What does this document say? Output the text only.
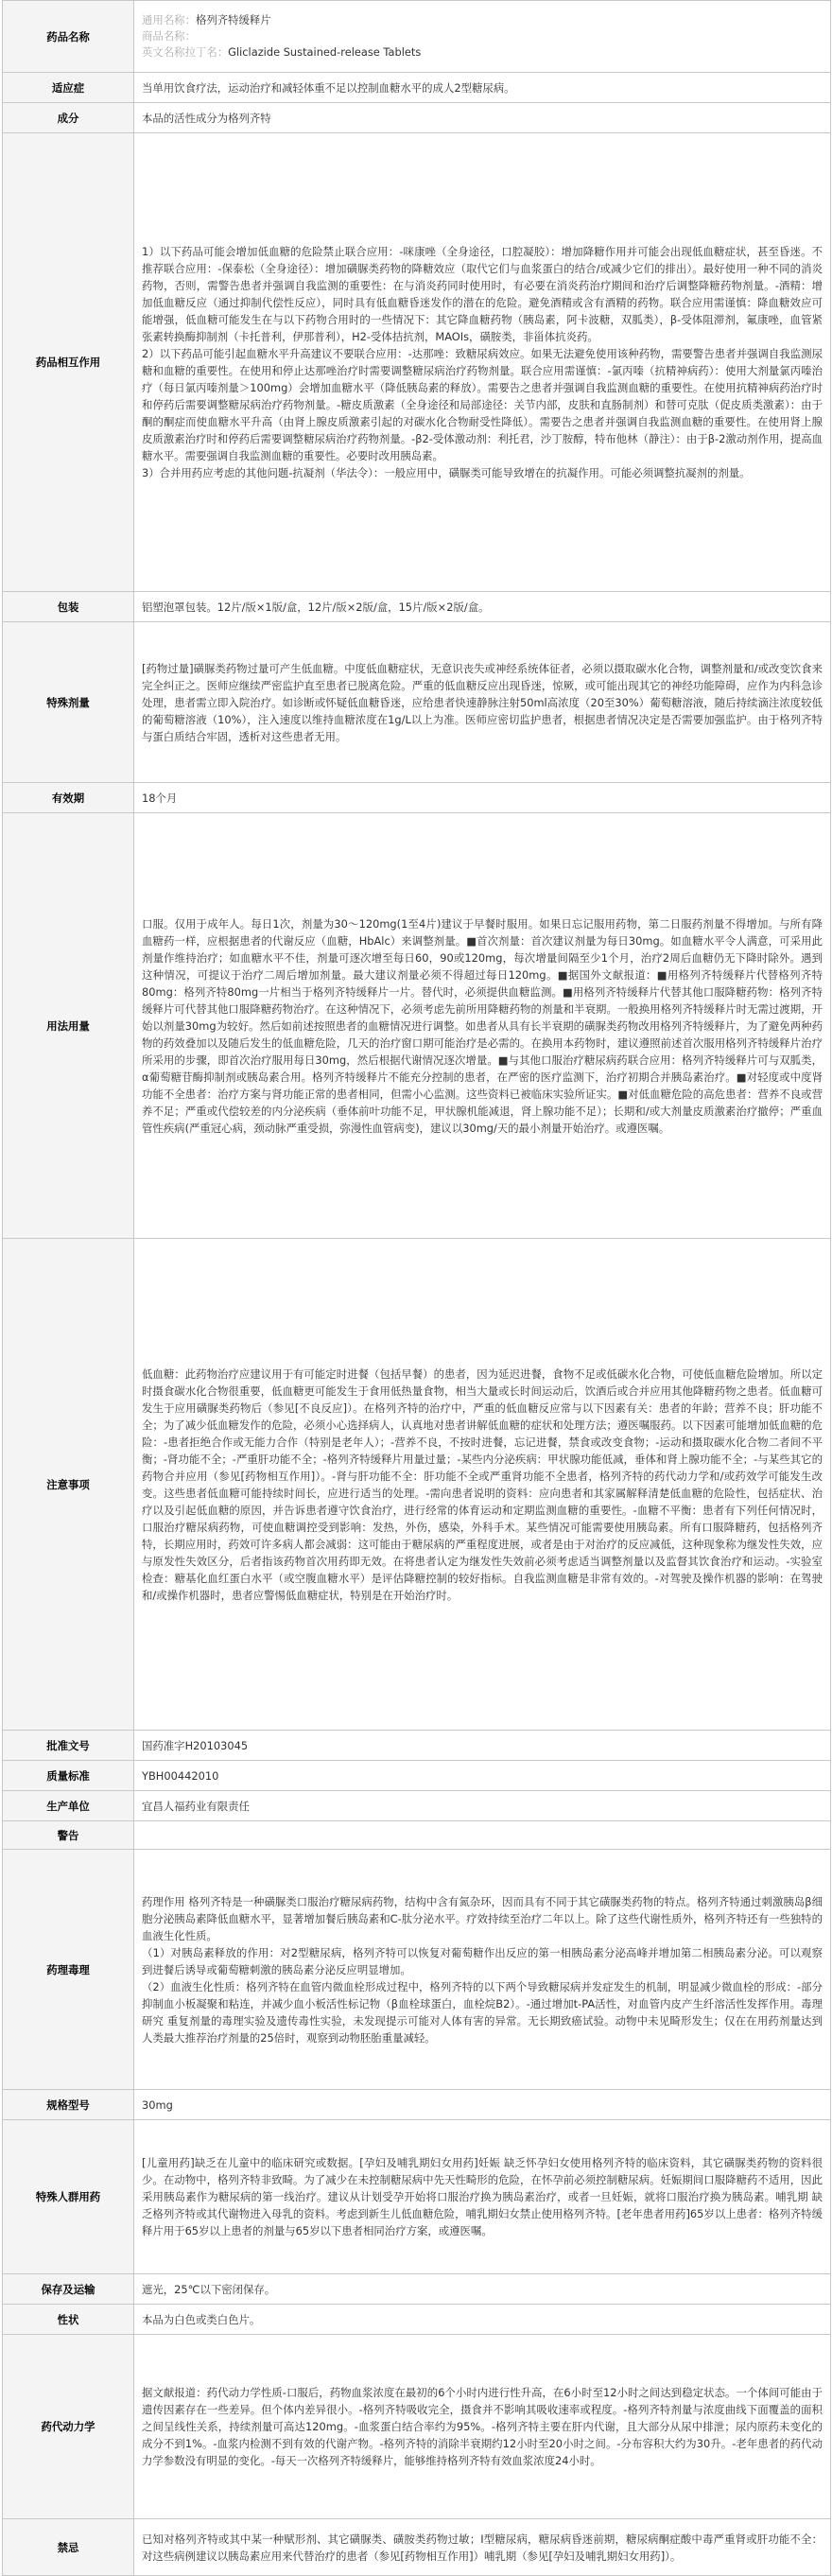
药品名称	通用名称：格列齐特缓释片
商品名称：
英文名称拉丁名：Gliclazide Sustained-release Tablets

适应症	当单用饮食疗法，运动治疗和减轻体重不足以控制血糖水平的成人2型糖尿病。

成分	本品的活性成分为格列齐特

药品相互作用	1）以下药品可能会增加低血糖的危险禁止联合应用：-咪康唑（全身途径，口腔凝胶）：增加降糖作用并可能会出现低血糖症状，甚至昏迷。不推荐联合应用：-保泰松（全身途径）：增加磺脲类药物的降糖效应（取代它们与血浆蛋白的结合/或减少它们的排出）。最好使用一种不同的消炎药物，否则，需警告患者并强调自我监测的重要性：在与消炎药同时使用时，有必要在消炎药治疗期间和治疗后调整降糖药物剂量。-酒精：增加低血糖反应（通过抑制代偿性反应），同时具有低血糖昏迷发作的潜在的危险。避免酒精或含有酒精的药物。联合应用需谨慎：降血糖效应可能增强，低血糖可能发生在与以下药物合用时的一些情况下：其它降血糖药物（胰岛素，阿卡波糖，双胍类），β-受体阻滞剂，氟康唑，血管紧张素转换酶抑制剂（卡托普利，伊那普利），H2-受体拮抗剂，MAOIs，磺胺类，非甾体抗炎药。

2）以下药品可能引起血糖水平升高建议不要联合应用：-达那唑：致糖尿病效应。如果无法避免使用该种药物，需要警告患者并强调自我监测尿糖和血糖的重要性。在使用和停止达那唑治疗时需要调整糖尿病治疗药物剂量。联合应用需谨慎：-氯丙嗪（抗精神病药）：使用大剂量氯丙嗪治疗（每日氯丙嗪剂量＞100mg）会增加血糖水平（降低胰岛素的释放）。需要告之患者并强调自我监测血糖的重要性。在使用抗精神病药治疗时和停药后需要调整糖尿病治疗药物剂量。-糖皮质激素（全身途径和局部途径：关节内部，皮肤和直肠制剂）和替可克肽（促皮质类激素）：由于酮的酮症而使血糖水平升高（由肾上腺皮质激素引起的对碳水化合物耐受性降低）。需要告之患者并强调自我监测血糖的重要性。在使用肾上腺皮质激素治疗时和停药后需要调整糖尿病治疗药物剂量。-β2-受体激动剂：利托君，沙丁胺醇，特布他林（静注）：由于β-2激动剂作用，提高血糖水平。需要强调自我监测血糖的重要性。必要时改用胰岛素。

3）合并用药应考虑的其他问题-抗凝剂（华法令）：一般应用中，磺脲类可能导致增在的抗凝作用。可能必须调整抗凝剂的剂量。

包装	铝塑泡罩包装。12片/版×1版/盒，12片/版×2版/盒，15片/版×2版/盒。

特殊剂量	[药物过量]磺脲类药物过量可产生低血糖。中度低血糖症状，无意识丧失或神经系统体征者，必须以摄取碳水化合物，调整剂量和/或改变饮食来完全纠正之。医师应继续严密监护直至患者已脱离危险。严重的低血糖反应出现昏迷，惊厥，或可能出现其它的神经功能障碍，应作为内科急诊处理，患者需立即入院治疗。如诊断或怀疑低血糖昏迷，应给患者快速静脉注射50ml高浓度（20至30%）葡萄糖溶液，随后持续滴注浓度较低的葡萄糖溶液（10%），注入速度以维持血糖浓度在1g/L以上为准。医师应密切监护患者，根据患者情况决定是否需要加强监护。由于格列齐特与蛋白质结合牢固，透析对这些患者无用。

有效期	18个月

用法用量	口服。仅用于成年人。每日1次，剂量为30～120mg(1至4片)建议于早餐时服用。如果日忘记服用药物，第二日服药剂量不得增加。与所有降血糖药一样，应根据患者的代谢反应（血糖，HbAlc）来调整剂量。■首次剂量：首次建议剂量为每日30mg。如血糖水平令人满意，可采用此剂量作维持治疗；如血糖水平不佳，剂量可逐次增至每日60，90或120mg，每次增量间隔至少1个月，治疗2周后血糖仍无下降时除外。遇到这种情况，可提议于治疗二周后增加剂量。最大建议剂量必须不得超过每日120mg。■据国外文献报道：■用格列齐特缓释片代替格列齐特80mg：格列齐特80mg一片相当于格列齐特缓释片一片。替代时，必须提供血糖监测。■用格列齐特缓释片代替其他口服降糖药物：格列齐特缓释片可代替其他口服降糖药物治疗。在这种情况下，必须考虑先前所用降糖药物的剂量和半衰期。一般换用格列齐特缓释片时无需过渡期，开始以剂量30mg为较好。然后如前述按照患者的血糖情况进行调整。如患者从具有长半衰期的磺脲类药物改用格列齐特缓释片，为了避免两种药物的药效叠加以及随后发生的低血糖危险，几天的治疗窗口期可能治疗是必需的。在换用本药物时，建议遵照前述首次服用格列齐特缓释片治疗所采用的步骤，即首次治疗服用每日30mg，然后根据代谢情况逐次增量。■与其他口服治疗糖尿病药联合应用：格列齐特缓释片可与双胍类，α葡萄糖苷酶抑制剂或胰岛素合用。格列齐特缓释片不能充分控制的患者，在严密的医疗监测下，治疗初期合并胰岛素治疗。■对轻度或中度肾功能不全患者：治疗方案与肾功能正常的患者相同，但需小心监测。这些资料已被临床实验所证实。■对低血糖危险的高危患者：营养不良或营养不足；严重或代偿较差的内分泌疾病（垂体前叶功能不足，甲状腺机能减退，肾上腺功能不足）；长期和/或大剂量皮质激素治疗撤停；严重血管性疾病(严重冠心病，颈动脉严重受损，弥漫性血管病变)，建议以30mg/天的最小剂量开始治疗。或遵医嘱。

注意事项	低血糖：此药物治疗应建议用于有可能定时进餐（包括早餐）的患者，因为延迟进餐，食物不足或低碳水化合物，可使低血糖危险增加。所以定时摄食碳水化合物很重要，低血糖更可能发生于食用低热量食物，相当大量或长时间运动后，饮酒后或合并应用其他降糖药物之患者。低血糖可发生于应用磺脲类药物后（参见[不良反应]）。在格列齐特的治疗中，严重的低血糖反应常与以下因素有关：患者的年龄；营养不良；肝功能不全；为了减少低血糖发作的危险，必须小心选择病人，认真地对患者讲解低血糖的症状和处理方法；遵医嘱服药。以下因素可能增加低血糖的危险：-患者拒绝合作或无能力合作（特别是老年人）；-营养不良，不按时进餐，忘记进餐，禁食或改变食物；-运动和摄取碳水化合物二者间不平衡；-肾功能不全；-严重肝功能不全；-格列齐特缓释片用量过量；-某些内分泌疾病：甲状腺功能低减，垂体和肾上腺功能不全；-与某些其它的药物合并应用（参见[药物相互作用]）。-肾与肝功能不全：肝功能不全或严重肾功能不全患者，格列齐特的药代动力学和/或药效学可能发生改变。这些患者低血糖可能持续时间长，应进行适当的处理。-需向患者说明的资料：应向患者和其家属解释清楚低血糖的危险性，包括症状、治疗以及引起低血糖的原因，并告诉患者遵守饮食治疗，进行经常的体育运动和定期监测血糖的重要性。-血糖不平衡：患者有下列任何情况时，口服治疗糖尿病药物，可使血糖调控受到影响：发热，外伤，感染，外科手术。某些情况可能需要使用胰岛素。所有口服降糖药，包括格列齐特，长期应用时，药效可许多病人都会减弱：这可能由于糖尿病的严重程度进展，或者是由于对治疗的反应减低，这种现象称为继发性失效，应与原发性失效区分，后者指该药物首次用药即无效。在将患者认定为继发性失效前必须考虑适当调整剂量以及监督其饮食治疗和运动。-实验室检查：糖基化血红蛋白水平（或空腹血糖水平）是评估降糖控制的较好指标。自我监测血糖是非常有效的。-对驾驶及操作机器的影响：在驾驶和/或操作机器时，患者应警惕低血糖症状，特别是在开始治疗时。

批准文号	国药准字H20103045

质量标准	YBH00442010

生产单位	宜昌人福药业有限责任

警告	

药理毒理	药理作用 格列齐特是一种磺脲类口服治疗糖尿病药物，结构中含有氮杂环，因而具有不同于其它磺脲类药物的特点。格列齐特通过刺激胰岛β细胞分泌胰岛素降低血糖水平，显著增加餐后胰岛素和C-肽分泌水平。疗效持续至治疗二年以上。除了这些代谢性质外，格列齐特还有一些独特的血液生化性质。

（1）对胰岛素释放的作用：对2型糖尿病，格列齐特可以恢复对葡萄糖作出反应的第一相胰岛素分泌高峰并增加第二相胰岛素分泌。可以观察到进餐后诱导或葡萄糖刺激的胰岛素分泌反应明显增加。

（2）血液生化性质：格列齐特在血管内微血栓形成过程中，格列齐特的以下两个导致糖尿病并发症发生的机制，明显减少微血栓的形成：-部分抑制血小板凝聚和粘连，并减少血小板活性标记物（β血栓球蛋白，血栓烷B2）。-通过增加t-PA活性，对血管内皮产生纤溶活性发挥作用。毒理研究 重复剂量的毒理实验及遗传毒性实验，未发现提示可能对人体有害的异常。无长期致癌试验。动物中未见畸形发生；仅在在用药剂量达到人类最大推荐治疗剂量的25倍时，观察到动物胚胎重量减轻。

规格型号	30mg

特殊人群用药	[儿童用药]缺乏在儿童中的临床研究或数据。[孕妇及哺乳期妇女用药]妊娠 缺乏怀孕妇女使用格列齐特的临床资料，其它磺脲类药物的资料很少。在动物中，格列齐特非致畸。为了减少在未控制糖尿病中先天性畸形的危险，在怀孕前必须控制糖尿病。妊娠期间口服降糖药不适用，因此采用胰岛素作为糖尿病的第一线治疗。建议从计划受孕开始将口服治疗换为胰岛素治疗，或者一旦妊娠，就将口服治疗换为胰岛素。哺乳期 缺乏格列齐特或其代谢物进入母乳的资料。考虑到新生儿低血糖危险，哺乳期妇女禁止使用格列齐特。[老年患者用药]65岁以上患者：格列齐特缓释片用于65岁以上患者的剂量与65岁以下患者相同治疗方案，或遵医嘱。

保存及运输	遮光，25℃以下密闭保存。

性状	本品为白色或类白色片。

药代动力学	据文献报道：药代动力学性质-口服后，药物血浆浓度在最初的6个小时内进行性升高，在6小时至12小时之间达到稳定状态。一个体间可能由于遗传因素存在一些差异。但个体内差异很小。-格列齐特吸收完全，摄食并不影响其吸收速率或程度。-格列齐特剂量与浓度曲线下面覆盖的面积之间呈线性关系，持续剂量可高达120mg。-血浆蛋白结合率约为95%。-格列齐特主要在肝内代谢，且大部分从尿中排泄；尿内原药未变化的成分不到1%。-血浆内检测不到有效的代谢产物。-格列齐特的消除半衰期约12小时至20小时之间。-分布容积大约为30升。-老年患者的药代动力学参数没有明显的变化。-每天一次格列齐特缓释片，能够维持格列齐特有效血浆浓度24小时。

禁忌	已知对格列齐特或其中某一种赋形剂、其它磺脲类、磺胺类药物过敏；I型糖尿病，糖尿病昏迷前期，糖尿病酮症酸中毒严重肾或肝功能不全：对这些病例建议以胰岛素应用来代替治疗的患者（参见[药物相互作用]）哺乳期（参见[孕妇及哺乳期妇女用药]）。
